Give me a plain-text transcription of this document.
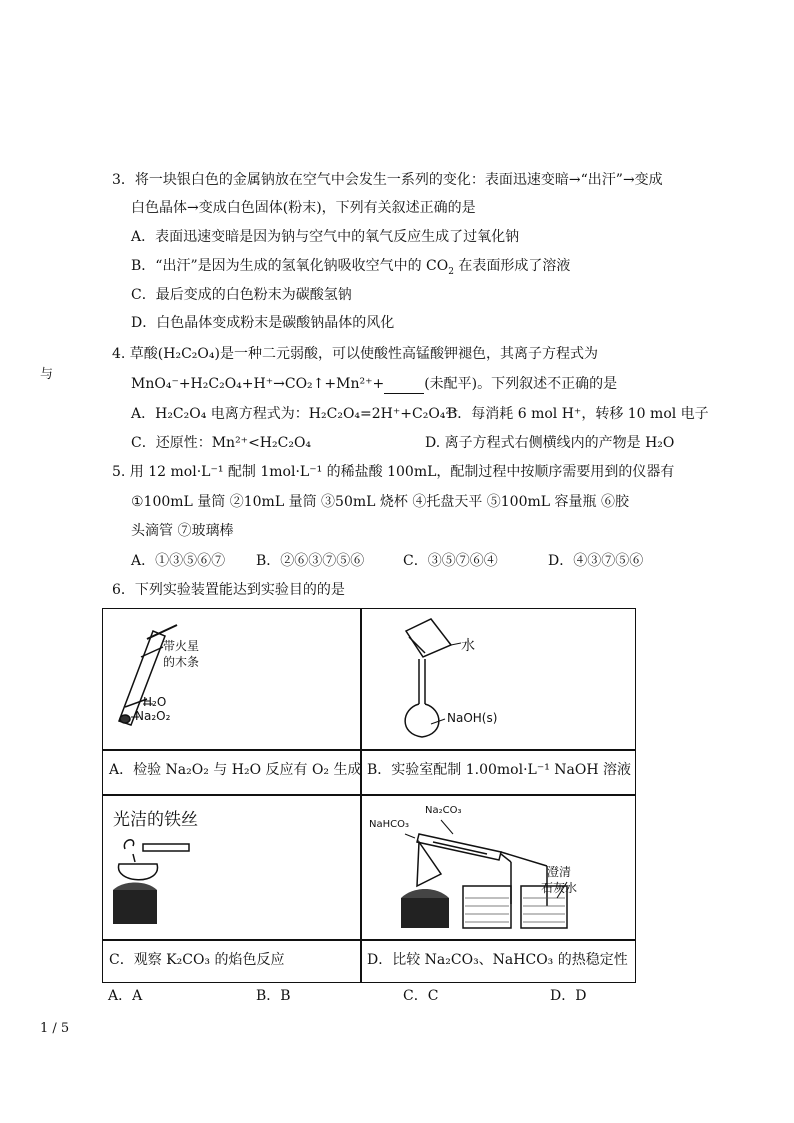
3．将一块银白色的金属钠放在空气中会发生一系列的变化：表面迅速变暗→“出汗”→变成
白色晶体→变成白色固体(粉末)，下列有关叙述正确的是
A．表面迅速变暗是因为钠与空气中的氧气反应生成了过氧化钠
B．“出汗”是因为生成的氢氧化钠吸收空气中的 $CO_2$ 在表面形成了溶液
C．最后变成的白色粉末为碳酸氢钠
D．白色晶体变成粉末是碳酸钠晶体的风化
与
4. 草酸(H₂C₂O₄)是一种二元弱酸，可以使酸性高锰酸钾褪色，其离子方程式为
MnO₄⁻+H₂C₂O₄+H⁺→CO₂↑+Mn²⁺+	(未配平)。下列叙述不正确的是
A．H₂C₂O₄ 电离方程式为：H₂C₂O₄=2H⁺+C₂O₄²⁻
B．每消耗 6 mol H⁺，转移 10 mol 电子
C．还原性：Mn²⁺<H₂C₂O₄	D. 离子方程式右侧横线内的产物是 H₂O
5. 用 12 mol·L⁻¹ 配制 1mol·L⁻¹ 的稀盐酸 100mL，配制过程中按顺序需要用到的仪器有
①100mL 量筒 ②10mL 量筒 ③50mL 烧杯 ④托盘天平 ⑤100mL 容量瓶 ⑥胶
头滴管 ⑦玻璃棒
A．①③⑤⑥⑦ B．②⑥③⑦⑤⑥	C．③⑤⑦⑥④	D．④③⑦⑤⑥
6．下列实验装置能达到实验目的的是
带火星
的木条
H₂O
Na₂O₂
A．检验 Na₂O₂ 与 H₂O 反应有 O₂ 生成
水
NaOH(s)
B．实验室配制 1.00mol·L⁻¹ NaOH 溶液
光洁的铁丝
C．观察 K₂CO₃ 的焰色反应
NaHCO₃
Na₂CO₃
澄清
石灰水
D．比较 Na₂CO₃、NaHCO₃ 的热稳定性
A．A	B．B	C．C	D．D
1 / 5
